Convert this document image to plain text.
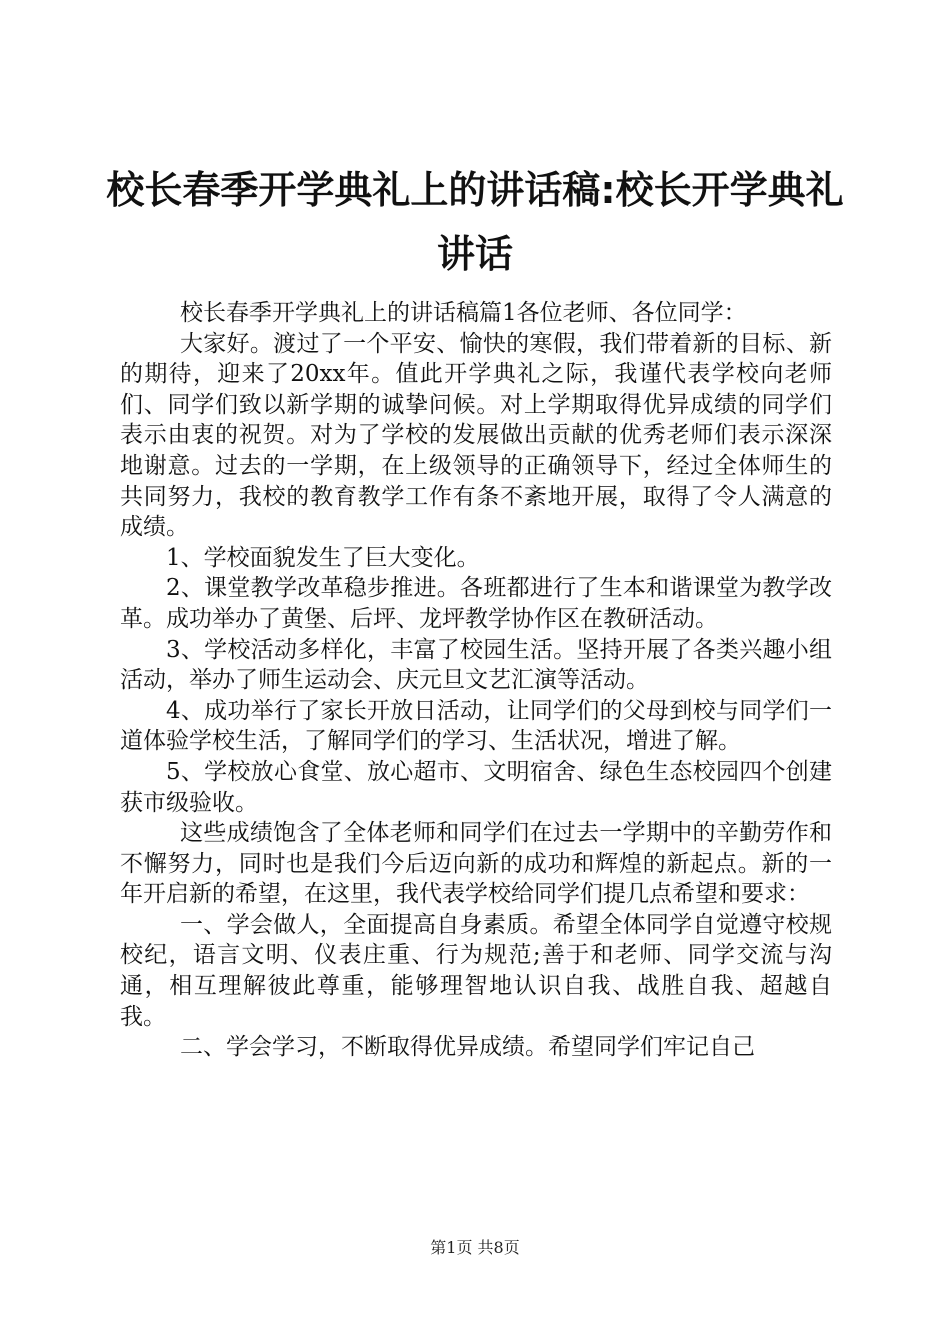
校长春季开学典礼上的讲话稿:校长开学典礼讲话

校长春季开学典礼上的讲话稿篇1各位老师、各位同学：

大家好。渡过了一个平安、愉快的寒假，我们带着新的目标、新的期待，迎来了20xx年。值此开学典礼之际，我谨代表学校向老师们、同学们致以新学期的诚挚问候。对上学期取得优异成绩的同学们表示由衷的祝贺。对为了学校的发展做出贡献的优秀老师们表示深深地谢意。过去的一学期，在上级领导的正确领导下，经过全体师生的共同努力，我校的教育教学工作有条不紊地开展，取得了令人满意的成绩。

1、学校面貌发生了巨大变化。

2、课堂教学改革稳步推进。各班都进行了生本和谐课堂为教学改革。成功举办了黄堡、后坪、龙坪教学协作区在教研活动。

3、学校活动多样化，丰富了校园生活。坚持开展了各类兴趣小组活动，举办了师生运动会、庆元旦文艺汇演等活动。

4、成功举行了家长开放日活动，让同学们的父母到校与同学们一道体验学校生活，了解同学们的学习、生活状况，增进了解。

5、学校放心食堂、放心超市、文明宿舍、绿色生态校园四个创建获市级验收。

这些成绩饱含了全体老师和同学们在过去一学期中的辛勤劳作和不懈努力，同时也是我们今后迈向新的成功和辉煌的新起点。新的一年开启新的希望，在这里，我代表学校给同学们提几点希望和要求：

一、学会做人，全面提高自身素质。希望全体同学自觉遵守校规校纪，语言文明、仪表庄重、行为规范;善于和老师、同学交流与沟通，相互理解彼此尊重，能够理智地认识自我、战胜自我、超越自我。

二、学会学习，不断取得优异成绩。希望同学们牢记自己

第1页 共8页
